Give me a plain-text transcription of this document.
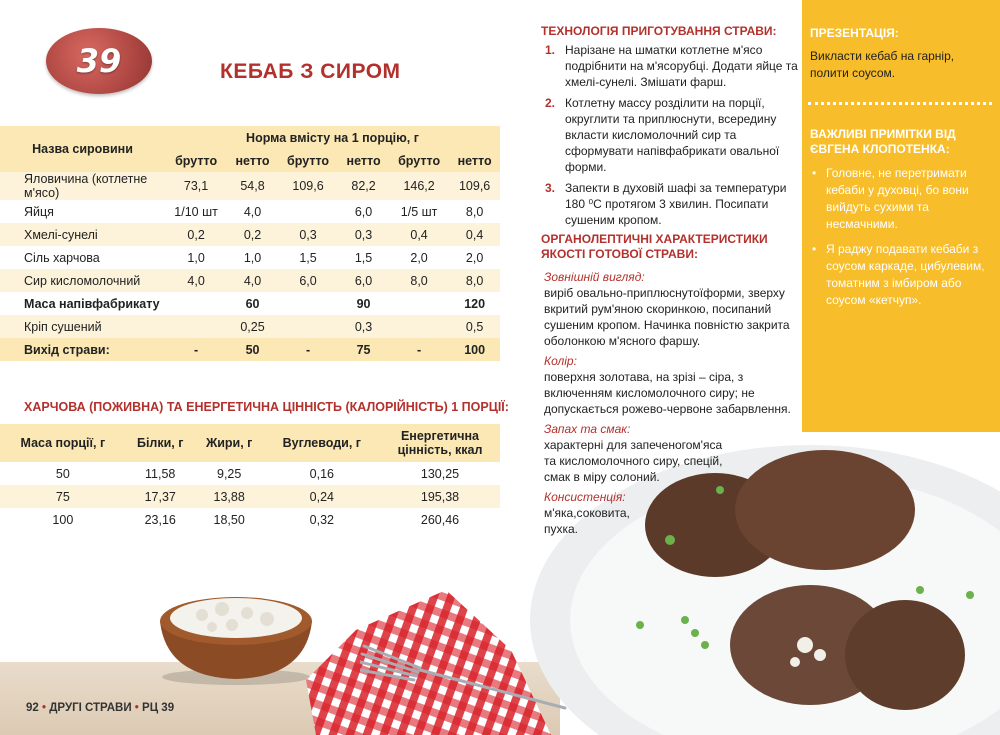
39	КЕБАБ З СИРОМ
Назва сировини	Норма вмісту на 1 порцію, г					
	брутто	нетто	брутто	нетто	брутто	нетто
Яловичина (котлетне м'ясо)	73,1	54,8	109,6	82,2	146,2	109,6
Яйця	1/10 шт	4,0		6,0	1/5 шт	8,0
Хмелі-сунелі	0,2	0,2	0,3	0,3	0,4	0,4
Сіль харчова	1,0	1,0	1,5	1,5	2,0	2,0
Сир кисломолочний	4,0	4,0	6,0	6,0	8,0	8,0
Маса напівфабрикату		60		90		120
Кріп сушений		0,25		0,3		0,5
Вихід страви:	-	50	-	75	-	100
ХАРЧОВА (ПОЖИВНА) ТА ЕНЕРГЕТИЧНА ЦІННІСТЬ (КАЛОРІЙНІСТЬ) 1 ПОРЦІЇ:
Маса порції, г	Білки, г	Жири, г	Вуглеводи, г	Енергетична цінність, ккал
50	11,58	9,25	0,16	130,25
75	17,37	13,88	0,24	195,38
100	23,16	18,50	0,32	260,46
92 • ДРУГІ СТРАВИ • РЦ 39
ТЕХНОЛОГІЯ ПРИГОТУВАННЯ СТРАВИ:
1. Нарізане на шматки котлетне м'ясо подрібнити на м'ясорубці. Додати яйце та хмелі-сунелі. Змішати фарш.
2. Котлетну массу розділити на порції, округлити та приплюснути, всередину вкласти кисломолочний сир та сформувати напівфабрикати овальної форми.
3. Запекти в духовій шафі за температури 180 ⁰С протягом 3 хвилин. Посипати сушеним кропом.
ОРГАНОЛЕПТИЧНІ ХАРАКТЕРИСТИКИ ЯКОСТІ ГОТОВОЇ СТРАВИ:
Зовнішній вигляд:
виріб овально-приплюснутоїформи, зверху вкритий рум'яною скоринкою, посипаний сушеним кропом. Начинка повністю закрита оболонкою м'ясного фаршу.
Колір:
поверхня золотава, на зрізі – сіра, з включенням кисломолочного сиру; не допускається рожево-червоне забарвлення.
Запах та смак:
характерні для запеченогом'яса та кисломолочного сиру, спецій, смак в міру солоний.
Консистенція:
м'яка,соковита, пухка.
ПРЕЗЕНТАЦІЯ:
Викласти кебаб на гарнір, полити соусом.
ВАЖЛИВІ ПРИМІТКИ ВІД ЄВГЕНА КЛОПОТЕНКА:
• Головне, не перетримати кебаби у духовці, бо вони вийдуть сухими та несмачними.
• Я раджу подавати кебаби з соусом каркаде, цибулевим, томатним з імбиром або соусом «кетчуп».
